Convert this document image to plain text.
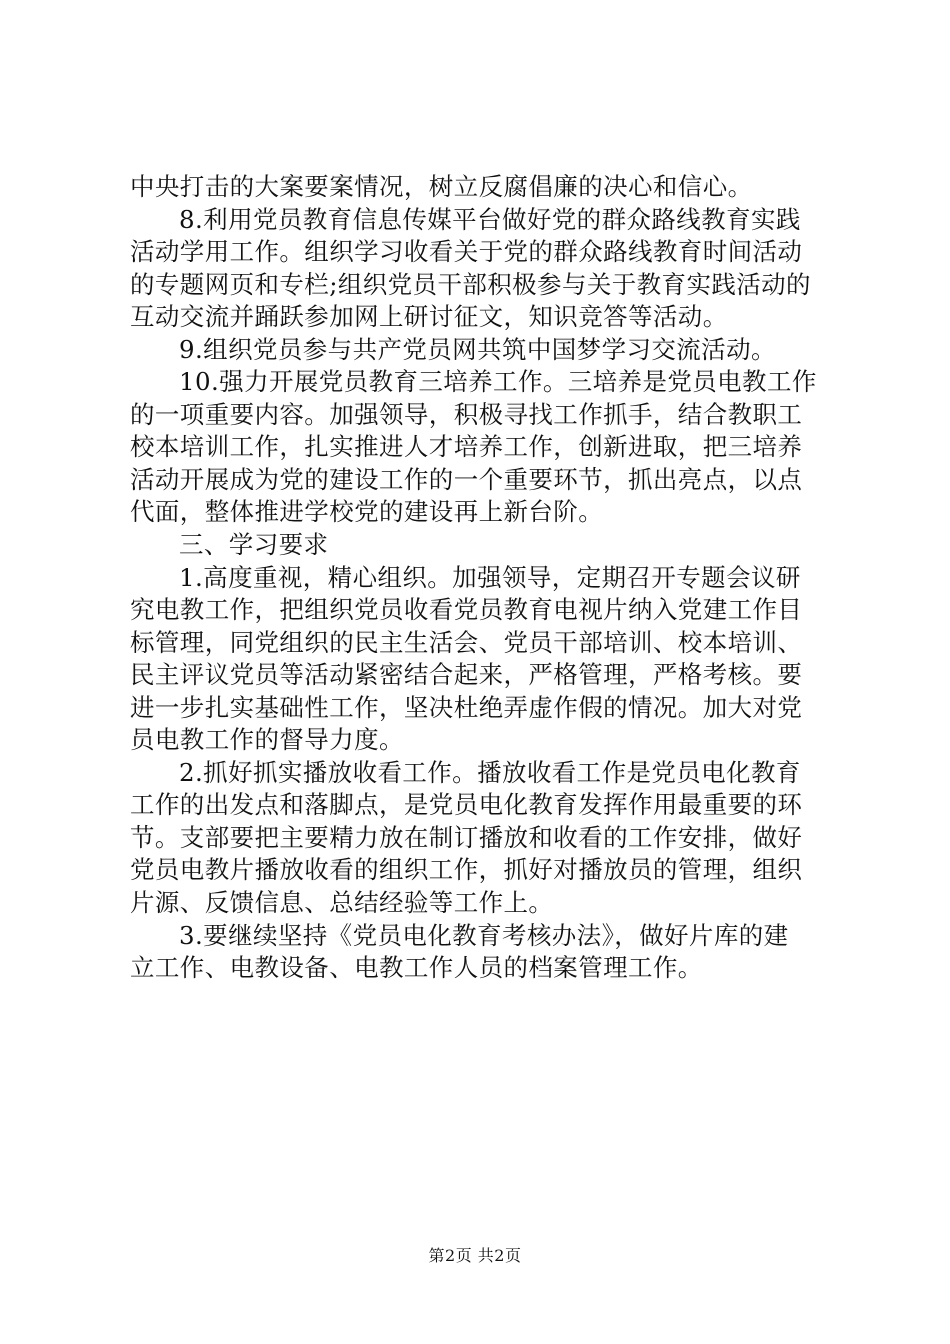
中央打击的大案要案情况，树立反腐倡廉的决心和信心。
8.利用党员教育信息传媒平台做好党的群众路线教育实践
活动学用工作。组织学习收看关于党的群众路线教育时间活动
的专题网页和专栏;组织党员干部积极参与关于教育实践活动的
互动交流并踊跃参加网上研讨征文，知识竞答等活动。
9.组织党员参与共产党员网共筑中国梦学习交流活动。
10.强力开展党员教育三培养工作。三培养是党员电教工作
的一项重要内容。加强领导，积极寻找工作抓手，结合教职工
校本培训工作，扎实推进人才培养工作，创新进取，把三培养
活动开展成为党的建设工作的一个重要环节，抓出亮点，以点
代面，整体推进学校党的建设再上新台阶。
三、学习要求
1.高度重视，精心组织。加强领导，定期召开专题会议研
究电教工作，把组织党员收看党员教育电视片纳入党建工作目
标管理，同党组织的民主生活会、党员干部培训、校本培训、
民主评议党员等活动紧密结合起来，严格管理，严格考核。要
进一步扎实基础性工作，坚决杜绝弄虚作假的情况。加大对党
员电教工作的督导力度。
2.抓好抓实播放收看工作。播放收看工作是党员电化教育
工作的出发点和落脚点，是党员电化教育发挥作用最重要的环
节。支部要把主要精力放在制订播放和收看的工作安排，做好
党员电教片播放收看的组织工作，抓好对播放员的管理，组织
片源、反馈信息、总结经验等工作上。
3.要继续坚持《党员电化教育考核办法》，做好片库的建
立工作、电教设备、电教工作人员的档案管理工作。
第2页 共2页
